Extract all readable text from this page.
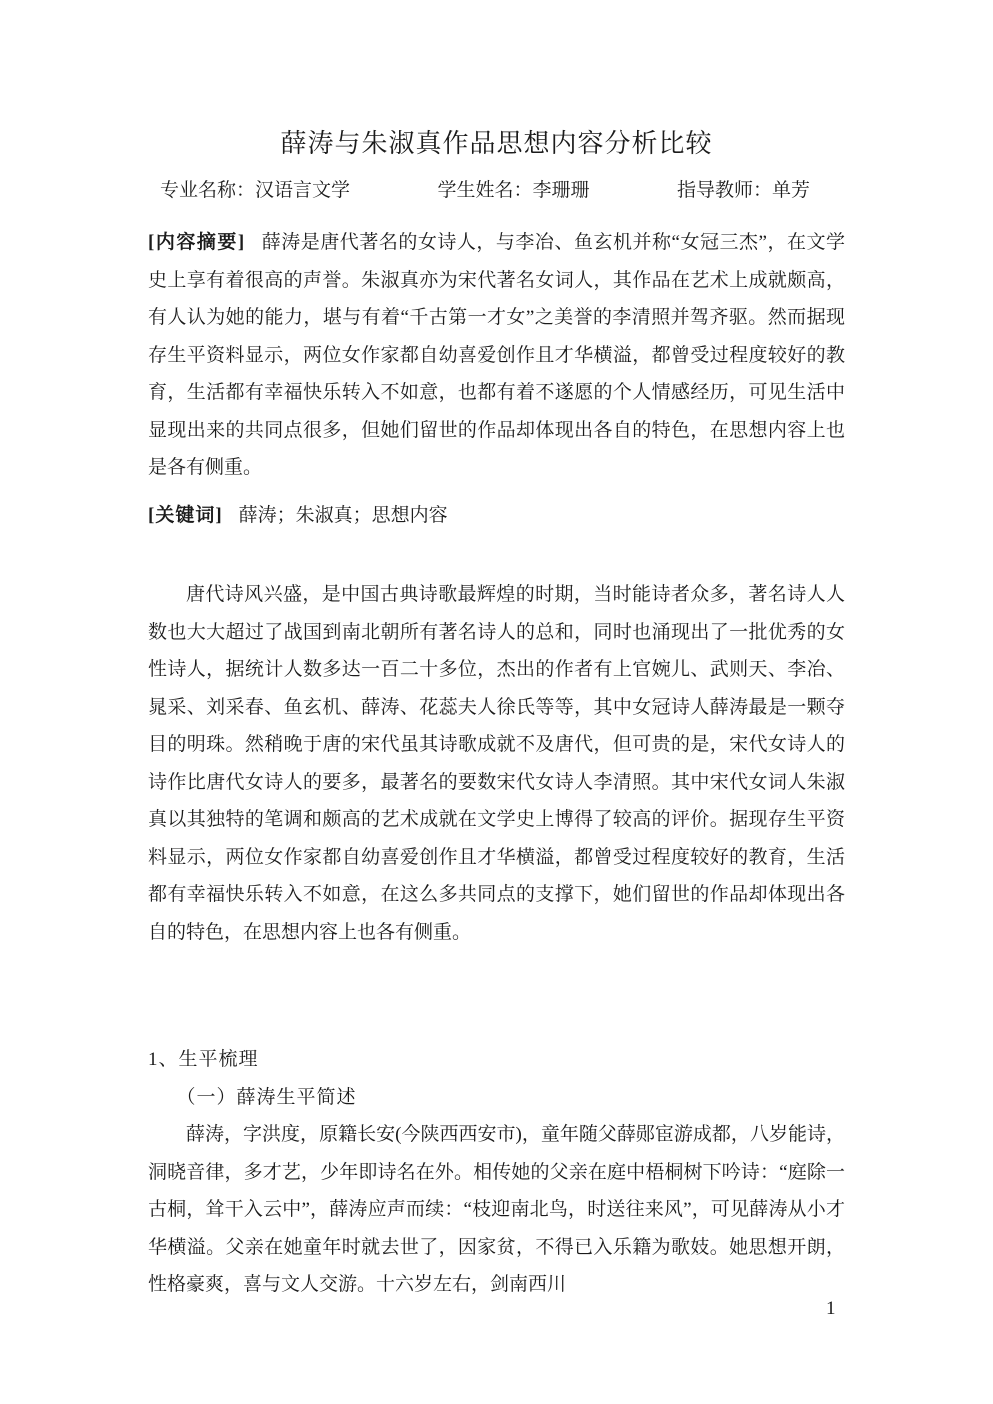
薛涛与朱淑真作品思想内容分析比较
专业名称：汉语言文学	学生姓名：李珊珊	指导教师：单芳

[内容摘要] 薛涛是唐代著名的女诗人，与李冶、鱼玄机并称“女冠三杰”，在文学史上享有着很高的声誉。朱淑真亦为宋代著名女词人，其作品在艺术上成就颇高，有人认为她的能力，堪与有着“千古第一才女”之美誉的李清照并驾齐驱。然而据现存生平资料显示，两位女作家都自幼喜爱创作且才华横溢，都曾受过程度较好的教育，生活都有幸福快乐转入不如意，也都有着不遂愿的个人情感经历，可见生活中显现出来的共同点很多，但她们留世的作品却体现出各自的特色，在思想内容上也是各有侧重。

[关键词] 薛涛；朱淑真；思想内容

唐代诗风兴盛，是中国古典诗歌最辉煌的时期，当时能诗者众多，著名诗人人数也大大超过了战国到南北朝所有著名诗人的总和，同时也涌现出了一批优秀的女性诗人，据统计人数多达一百二十多位，杰出的作者有上官婉儿、武则天、李冶、晁采、刘采春、鱼玄机、薛涛、花蕊夫人徐氏等等，其中女冠诗人薛涛最是一颗夺目的明珠。然稍晚于唐的宋代虽其诗歌成就不及唐代，但可贵的是，宋代女诗人的诗作比唐代女诗人的要多，最著名的要数宋代女诗人李清照。其中宋代女词人朱淑真以其独特的笔调和颇高的艺术成就在文学史上博得了较高的评价。据现存生平资料显示，两位女作家都自幼喜爱创作且才华横溢，都曾受过程度较好的教育，生活都有幸福快乐转入不如意，在这么多共同点的支撑下，她们留世的作品却体现出各自的特色，在思想内容上也各有侧重。

1、生平梳理
（一）薛涛生平简述

薛涛，字洪度，原籍长安(今陕西西安市)，童年随父薛郧宦游成都，八岁能诗，洞晓音律，多才艺，少年即诗名在外。相传她的父亲在庭中梧桐树下吟诗：“庭除一古桐，耸干入云中”，薛涛应声而续：“枝迎南北鸟，时送往来风”，可见薛涛从小才华横溢。父亲在她童年时就去世了，因家贫，不得已入乐籍为歌妓。她思想开朗，性格豪爽，喜与文人交游。十六岁左右，剑南西川

1
